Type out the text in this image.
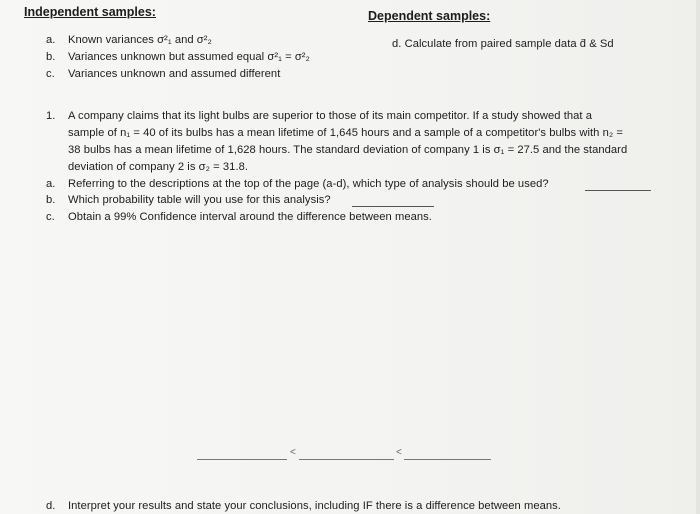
Independent samples:	Dependent samples:
a. Known variances σ²₁ and σ²₂
b. Variances unknown but assumed equal σ²₁ = σ²₂
c. Variances unknown and assumed different
d. Calculate from paired sample data d̄ & Sd
1. A company claims that its light bulbs are superior to those of its main competitor. If a study showed that a
sample of n₁ = 40 of its bulbs has a mean lifetime of 1,645 hours and a sample of a competitor's bulbs with n₂ =
38 bulbs has a mean lifetime of 1,628 hours. The standard deviation of company 1 is σ₁ = 27.5 and the standard
deviation of company 2 is σ₂ = 31.8.
a. Referring to the descriptions at the top of the page (a-d), which type of analysis should be used?
b. Which probability table will you use for this analysis?
c. Obtain a 99% Confidence interval around the difference between means.
<	<
d. Interpret your results and state your conclusions, including IF there is a difference between means.
